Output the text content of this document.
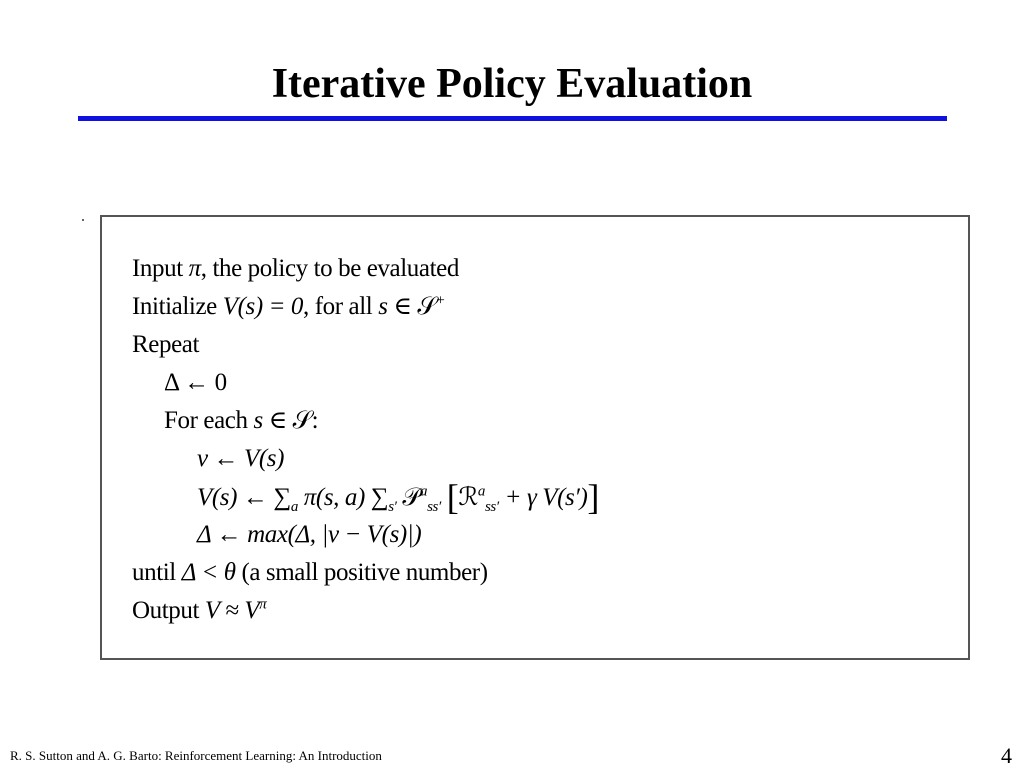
Iterative Policy Evaluation
Input π, the policy to be evaluated
Initialize V(s) = 0, for all s ∈ 𝒮+
Repeat
Δ ← 0
For each s ∈ 𝒮:
v ← V(s)
V(s) ← $\sum_a$ π(s, a) $\sum_{s'}$ 𝒫$^a_{ss'}$ [ℛ$^a_{ss'}$ + γ V(s′)]
Δ ← max(Δ, |v − V(s)|)
until Δ < θ (a small positive number)
Output $V \approx V^\pi$
R. S. Sutton and A. G. Barto: Reinforcement Learning: An Introduction	4
